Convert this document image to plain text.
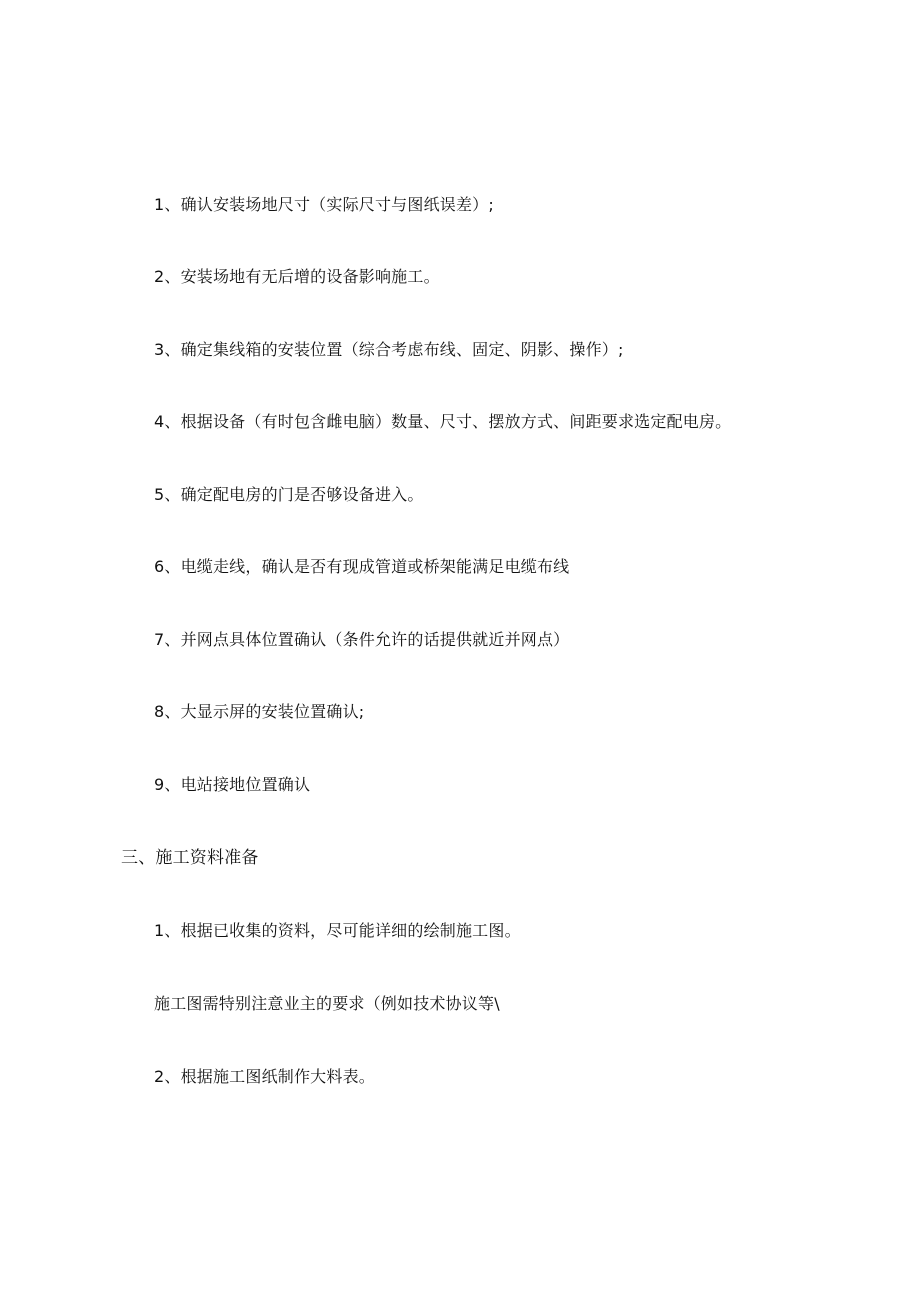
1、确认安装场地尺寸（实际尺寸与图纸误差）;
2、安装场地有无后增的设备影响施工。
3、确定集线箱的安装位置（综合考虑布线、固定、阴影、操作）;
4、根据设备（有时包含雌电脑）数量、尺寸、摆放方式、间距要求选定配电房。
5、确定配电房的门是否够设备进入。
6、电缆走线，确认是否有现成管道或桥架能满足电缆布线
7、并网点具体位置确认（条件允许的话提供就近并网点）
8、大显示屏的安装位置确认;
9、电站接地位置确认
三、施工资料准备
1、根据已收集的资料，尽可能详细的绘制施工图。
施工图需特别注意业主的要求（例如技术协议等\
2、根据施工图纸制作大料表。
